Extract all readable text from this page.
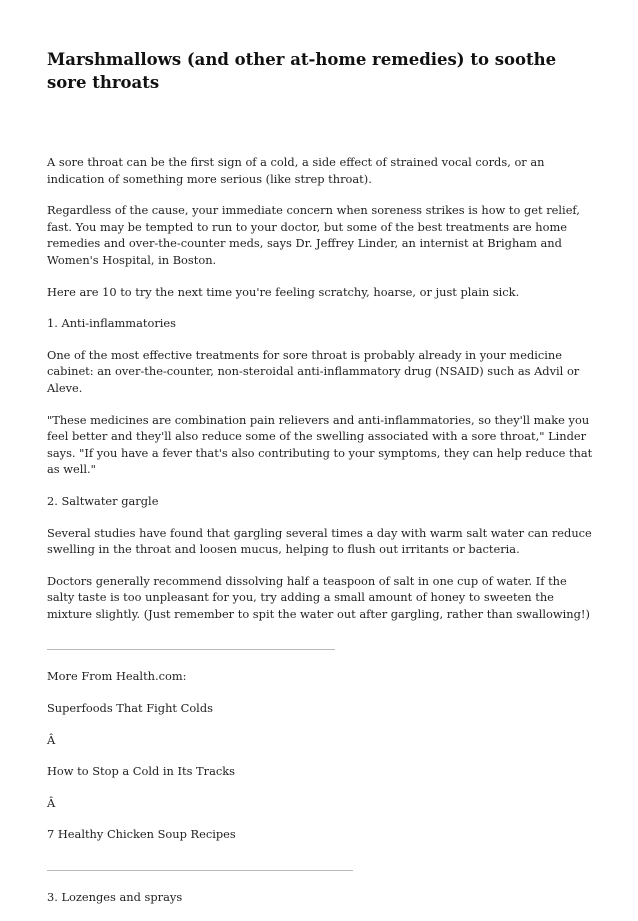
Marshmallows (and other at-home remedies) to soothe sore throats

A sore throat can be the first sign of a cold, a side effect of strained vocal cords, or an indication of something more serious (like strep throat).

Regardless of the cause, your immediate concern when soreness strikes is how to get relief, fast. You may be tempted to run to your doctor, but some of the best treatments are home remedies and over-the-counter meds, says Dr. Jeffrey Linder, an internist at Brigham and Women's Hospital, in Boston.

Here are 10 to try the next time you're feeling scratchy, hoarse, or just plain sick.

1. Anti-inflammatories

One of the most effective treatments for sore throat is probably already in your medicine cabinet: an over-the-counter, non-steroidal anti-inflammatory drug (NSAID) such as Advil or Aleve.

"These medicines are combination pain relievers and anti-inflammatories, so they'll make you feel better and they'll also reduce some of the swelling associated with a sore throat," Linder says. "If you have a fever that's also contributing to your symptoms, they can help reduce that as well."

2. Saltwater gargle

Several studies have found that gargling several times a day with warm salt water can reduce swelling in the throat and loosen mucus, helping to flush out irritants or bacteria.

Doctors generally recommend dissolving half a teaspoon of salt in one cup of water. If the salty taste is too unpleasant for you, try adding a small amount of honey to sweeten the mixture slightly. (Just remember to spit the water out after gargling, rather than swallowing!)

________________________________________________________________

More From Health.com:

Superfoods That Fight Colds

Â

How to Stop a Cold in Its Tracks

Â

7 Healthy Chicken Soup Recipes

____________________________________________________________________

3. Lozenges and sprays
